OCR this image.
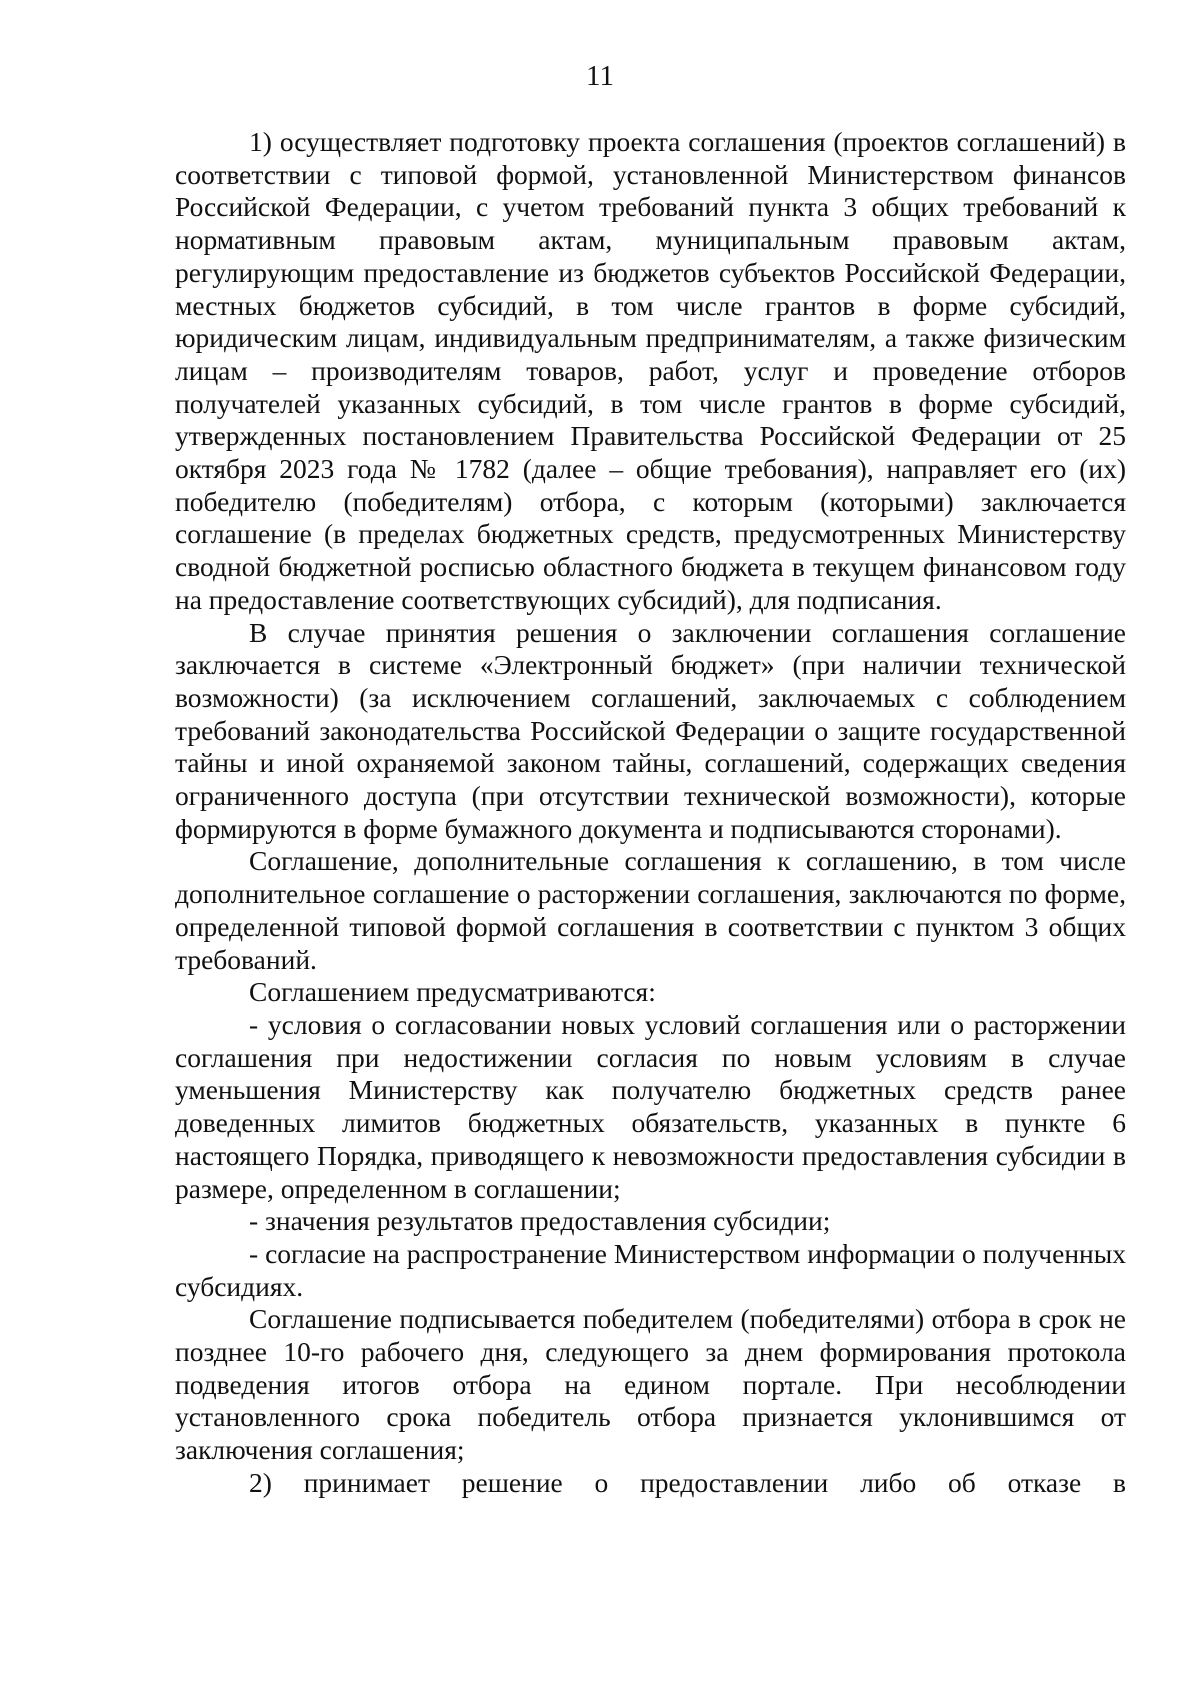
11

1) осуществляет подготовку проекта соглашения (проектов соглашений) в соответствии с типовой формой, установленной Министерством финансов Российской Федерации, с учетом требований пункта 3 общих требований к нормативным правовым актам, муниципальным правовым актам, регулирующим предоставление из бюджетов субъектов Российской Федерации, местных бюджетов субсидий, в том числе грантов в форме субсидий, юридическим лицам, индивидуальным предпринимателям, а также физическим лицам – производителям товаров, работ, услуг и проведение отборов получателей указанных субсидий, в том числе грантов в форме субсидий, утвержденных постановлением Правительства Российской Федерации от 25 октября 2023 года № 1782 (далее – общие требования), направляет его (их) победителю (победителям) отбора, с которым (которыми) заключается соглашение (в пределах бюджетных средств, предусмотренных Министерству сводной бюджетной росписью областного бюджета в текущем финансовом году на предоставление соответствующих субсидий), для подписания.

В случае принятия решения о заключении соглашения соглашение заключается в системе «Электронный бюджет» (при наличии технической возможности) (за исключением соглашений, заключаемых с соблюдением требований законодательства Российской Федерации о защите государственной тайны и иной охраняемой законом тайны, соглашений, содержащих сведения ограниченного доступа (при отсутствии технической возможности), которые формируются в форме бумажного документа и подписываются сторонами).

Соглашение, дополнительные соглашения к соглашению, в том числе дополнительное соглашение о расторжении соглашения, заключаются по форме, определенной типовой формой соглашения в соответствии с пунктом 3 общих требований.

Соглашением предусматриваются:

- условия о согласовании новых условий соглашения или о расторжении соглашения при недостижении согласия по новым условиям в случае уменьшения Министерству как получателю бюджетных средств ранее доведенных лимитов бюджетных обязательств, указанных в пункте 6 настоящего Порядка, приводящего к невозможности предоставления субсидии в размере, определенном в соглашении;

- значения результатов предоставления субсидии;

- согласие на распространение Министерством информации о полученных субсидиях.

Соглашение подписывается победителем (победителями) отбора в срок не позднее 10-го рабочего дня, следующего за днем формирования протокола подведения итогов отбора на едином портале. При несоблюдении установленного срока победитель отбора признается уклонившимся от заключения соглашения;

2) принимает решение о предоставлении либо об отказе в
